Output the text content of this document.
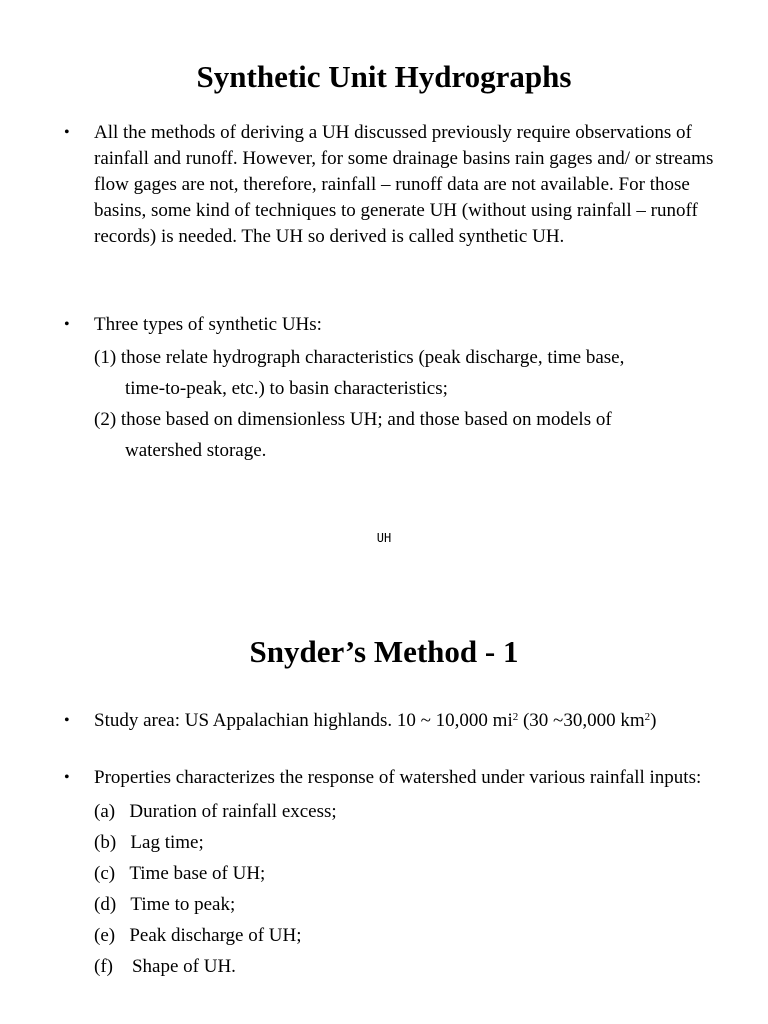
Synthetic Unit Hydrographs
•	All the methods of deriving a UH discussed previously require observations of rainfall and runoff. However, for some drainage basins rain gages and/ or streams flow gages are not, therefore, rainfall – runoff data are not available. For those basins, some kind of techniques to generate UH (without using rainfall – runoff records) is needed. The UH so derived is called synthetic UH.
•	Three types of synthetic UHs:
(1) those relate hydrograph characteristics (peak discharge, time base,
time-to-peak, etc.) to basin characteristics;
(2) those based on dimensionless UH; and those based on models of
watershed storage.
UH
Snyder’s Method - 1
•	Study area: US Appalachian highlands. 10 ~ 10,000 $mi^2$ (30 ~30,000 $km^2$)
•	Properties characterizes the response of watershed under various rainfall inputs:
(a) Duration of rainfall excess;
(b) Lag time;
(c) Time base of UH;
(d) Time to peak;
(e) Peak discharge of UH;
(f) Shape of UH.
